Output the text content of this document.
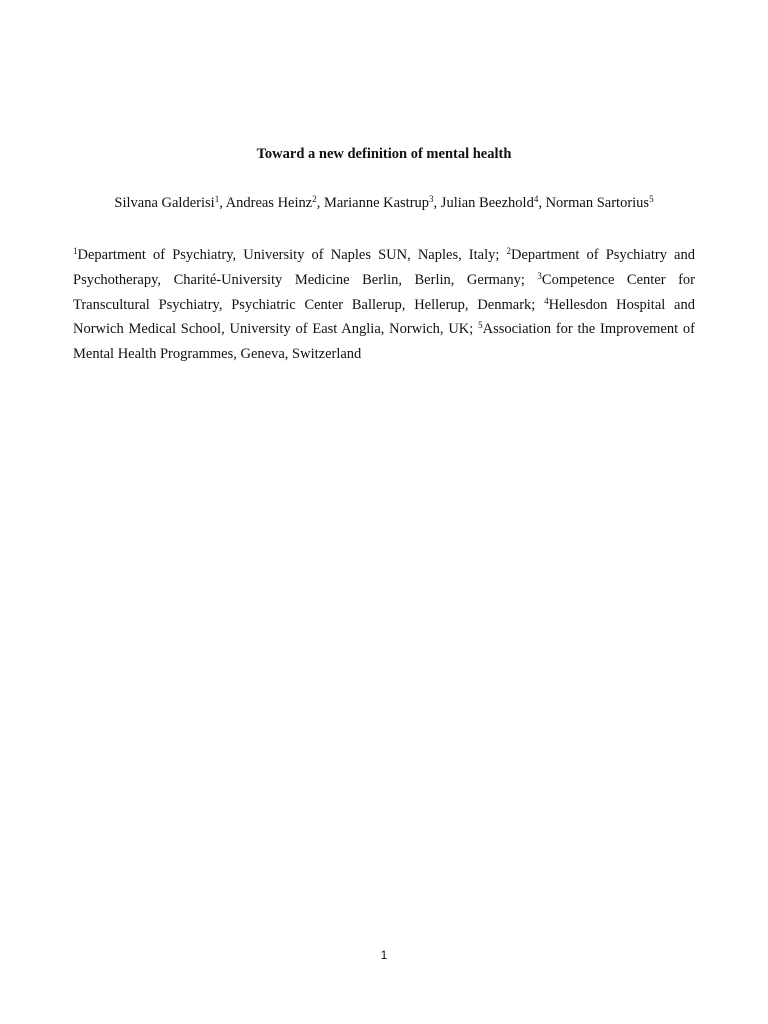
Toward a new definition of mental health

Silvana Galderisi$^1$, Andreas Heinz$^2$, Marianne Kastrup$^3$, Julian Beezhold$^4$, Norman Sartorius$^5$

$^1$Department of Psychiatry, University of Naples SUN, Naples, Italy; $^2$Department of Psychiatry and Psychotherapy, Charité-University Medicine Berlin, Berlin, Germany; $^3$Competence Center for Transcultural Psychiatry, Psychiatric Center Ballerup, Hellerup, Denmark; $^4$Hellesdon Hospital and Norwich Medical School, University of East Anglia, Norwich, UK; $^5$Association for the Improvement of Mental Health Programmes, Geneva, Switzerland

1
